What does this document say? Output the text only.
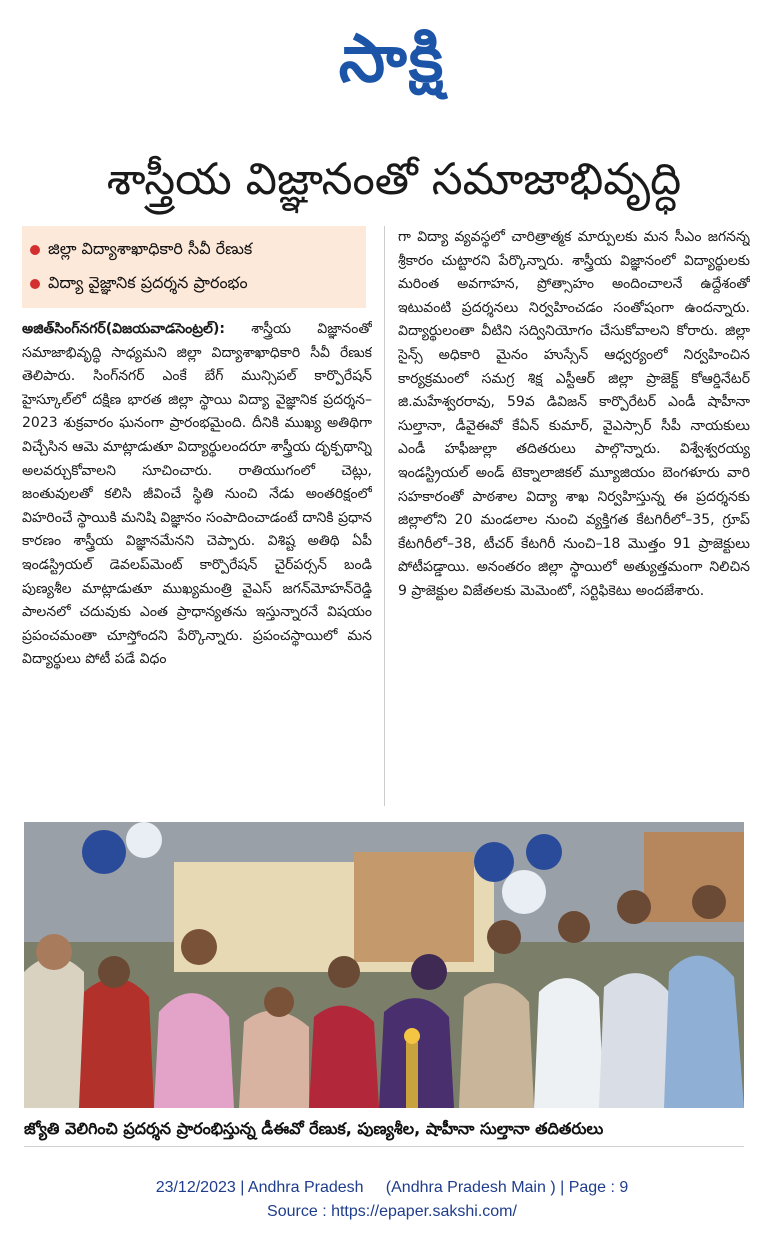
సాక్షి
శాస్త్రీయ విజ్ఞానంతో సమాజాభివృద్ధి
జిల్లా విద్యాశాఖాధికారి సీవీ రేణుక
విద్యా వైజ్ఞానిక ప్రదర్శన ప్రారంభం
అజిత్‌సింగ్‌నగర్(విజయవాడసెంట్రల్): శాస్త్రీయ విజ్ఞానంతో సమాజాభివృద్ధి సాధ్యమని జిల్లా విద్యాశాఖాధికారి సీవీ రేణుక తెలిపారు. సింగ్‌నగర్ ఎంకే బేగ్ మున్సిపల్ కార్పొరేషన్ హైస్కూల్‌లో దక్షిణ భారత జిల్లా స్థాయి విద్యా వైజ్ఞానిక ప్రదర్శన–2023 శుక్రవారం ఘనంగా ప్రారంభమైంది. దీనికి ముఖ్య అతిథిగా విచ్చేసిన ఆమె మాట్లాడుతూ విద్యార్థులందరూ శాస్త్రీయ దృక్పథాన్ని అలవర్చుకోవాలని సూచించారు. రాతియుగంలో చెట్లు, జంతువులతో కలిసి జీవించే స్థితి నుంచి నేడు అంతరిక్షంలో విహరించే స్థాయికి మనిషి విజ్ఞానం సంపాదించాడంటే దానికి ప్రధాన కారణం శాస్త్రీయ విజ్ఞానమేనని చెప్పారు. విశిష్ట అతిథి ఏపీ ఇండస్ట్రియల్ డెవలప్‌మెంట్ కార్పొరేషన్ చైర్‌పర్సన్ బండి పుణ్యశీల మాట్లాడుతూ ముఖ్యమంత్రి వైఎస్ జగన్‌మోహన్‌రెడ్డి పాలనలో చదువుకు ఎంత ప్రాధాన్యతను ఇస్తున్నారనే విషయం ప్రపంచమంతా చూస్తోందని పేర్కొన్నారు. ప్రపంచస్థాయిలో మన విద్యార్థులు పోటీ పడే విధం
గా విద్యా వ్యవస్థలో చారిత్రాత్మక మార్పులకు మన సీఎం జగనన్న శ్రీకారం చుట్టారని పేర్కొన్నారు. శాస్త్రీయ విజ్ఞానంలో విద్యార్థులకు మరింత అవగాహన, ప్రోత్సాహం అందించాలనే ఉద్దేశంతో ఇటువంటి ప్రదర్శనలు నిర్వహించడం సంతోషంగా ఉందన్నారు. విద్యార్థులంతా వీటిని సద్వినియోగం చేసుకోవాలని కోరారు. జిల్లా సైన్స్ అధికారి మైనం హుస్సేన్ ఆధ్వర్యంలో నిర్వహించిన కార్యక్రమంలో సమగ్ర శిక్ష ఎస్టీఆర్ జిల్లా ప్రాజెక్ట్ కోఆర్డినేటర్ జి.మహేశ్వరరావు, 59వ డివిజన్ కార్పొరేటర్ ఎండీ షాహీనా సుల్తానా, డీవైఈవో కేఏన్ కుమార్, వైఎస్సార్ సీపీ నాయకులు ఎండీ హఫీజుల్లా తదితరులు పాల్గొన్నారు. విశ్వేశ్వరయ్య ఇండస్ట్రియల్ అండ్ టెక్నాలాజికల్ మ్యూజియం బెంగళూరు వారి సహకారంతో పాఠశాల విద్యా శాఖ నిర్వహిస్తున్న ఈ ప్రదర్శనకు జిల్లాలోని 20 మండలాల నుంచి వ్యక్తిగత కేటగిరీలో–35, గ్రూప్ కేటగిరీలో–38, టీచర్ కేటగిరీ నుంచి–18 మొత్తం 91 ప్రాజెక్టులు పోటీపడ్డాయి. అనంతరం జిల్లా స్థాయిలో అత్యుత్తమంగా నిలిచిన 9 ప్రాజెక్టుల విజేతలకు మెమెంటో, సర్టిఫికెటు అందజేశారు.
జ్యోతి వెలిగించి ప్రదర్శన ప్రారంభిస్తున్న డీఈవో రేణుక, పుణ్యశీల, షాహీనా సుల్తానా తదితరులు
23/12/2023 | Andhra Pradesh     (Andhra Pradesh Main ) | Page : 9
Source : https://epaper.sakshi.com/
